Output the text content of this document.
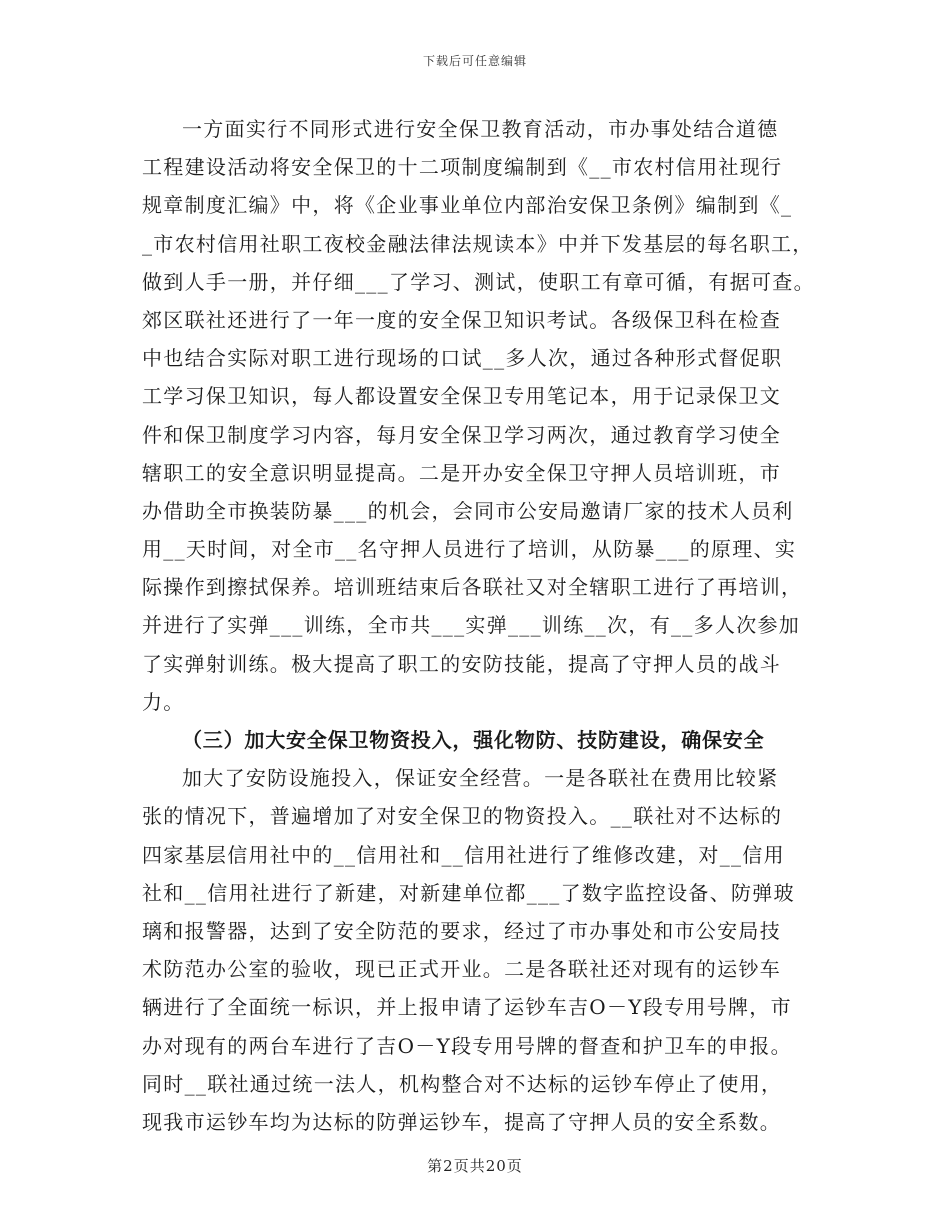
下载后可任意编辑
一方面实行不同形式进行安全保卫教育活动，市办事处结合道德
工程建设活动将安全保卫的十二项制度编制到《__市农村信用社现行
规章制度汇编》中，将《企业事业单位内部治安保卫条例》编制到《_
_市农村信用社职工夜校金融法律法规读本》中并下发基层的每名职工，
做到人手一册，并仔细___了学习、测试，使职工有章可循，有据可查。
郊区联社还进行了一年一度的安全保卫知识考试。各级保卫科在检查
中也结合实际对职工进行现场的口试__多人次，通过各种形式督促职
工学习保卫知识，每人都设置安全保卫专用笔记本，用于记录保卫文
件和保卫制度学习内容，每月安全保卫学习两次，通过教育学习使全
辖职工的安全意识明显提高。二是开办安全保卫守押人员培训班，市
办借助全市换装防暴___的机会，会同市公安局邀请厂家的技术人员利
用__天时间，对全市__名守押人员进行了培训，从防暴___的原理、实
际操作到擦拭保养。培训班结束后各联社又对全辖职工进行了再培训，
并进行了实弹___训练，全市共___实弹___训练__次，有__多人次参加
了实弹射训练。极大提高了职工的安防技能，提高了守押人员的战斗
力。
（三）加大安全保卫物资投入，强化物防、技防建设，确保安全
加大了安防设施投入，保证安全经营。一是各联社在费用比较紧
张的情况下，普遍增加了对安全保卫的物资投入。__联社对不达标的
四家基层信用社中的__信用社和__信用社进行了维修改建，对__信用
社和__信用社进行了新建，对新建单位都___了数字监控设备、防弹玻
璃和报警器，达到了安全防范的要求，经过了市办事处和市公安局技
术防范办公室的验收，现已正式开业。二是各联社还对现有的运钞车
辆进行了全面统一标识，并上报申请了运钞车吉O－Y段专用号牌，市
办对现有的两台车进行了吉O－Y段专用号牌的督查和护卫车的申报。
同时__联社通过统一法人，机构整合对不达标的运钞车停止了使用，
现我市运钞车均为达标的防弹运钞车，提高了守押人员的安全系数。
第2页共20页
